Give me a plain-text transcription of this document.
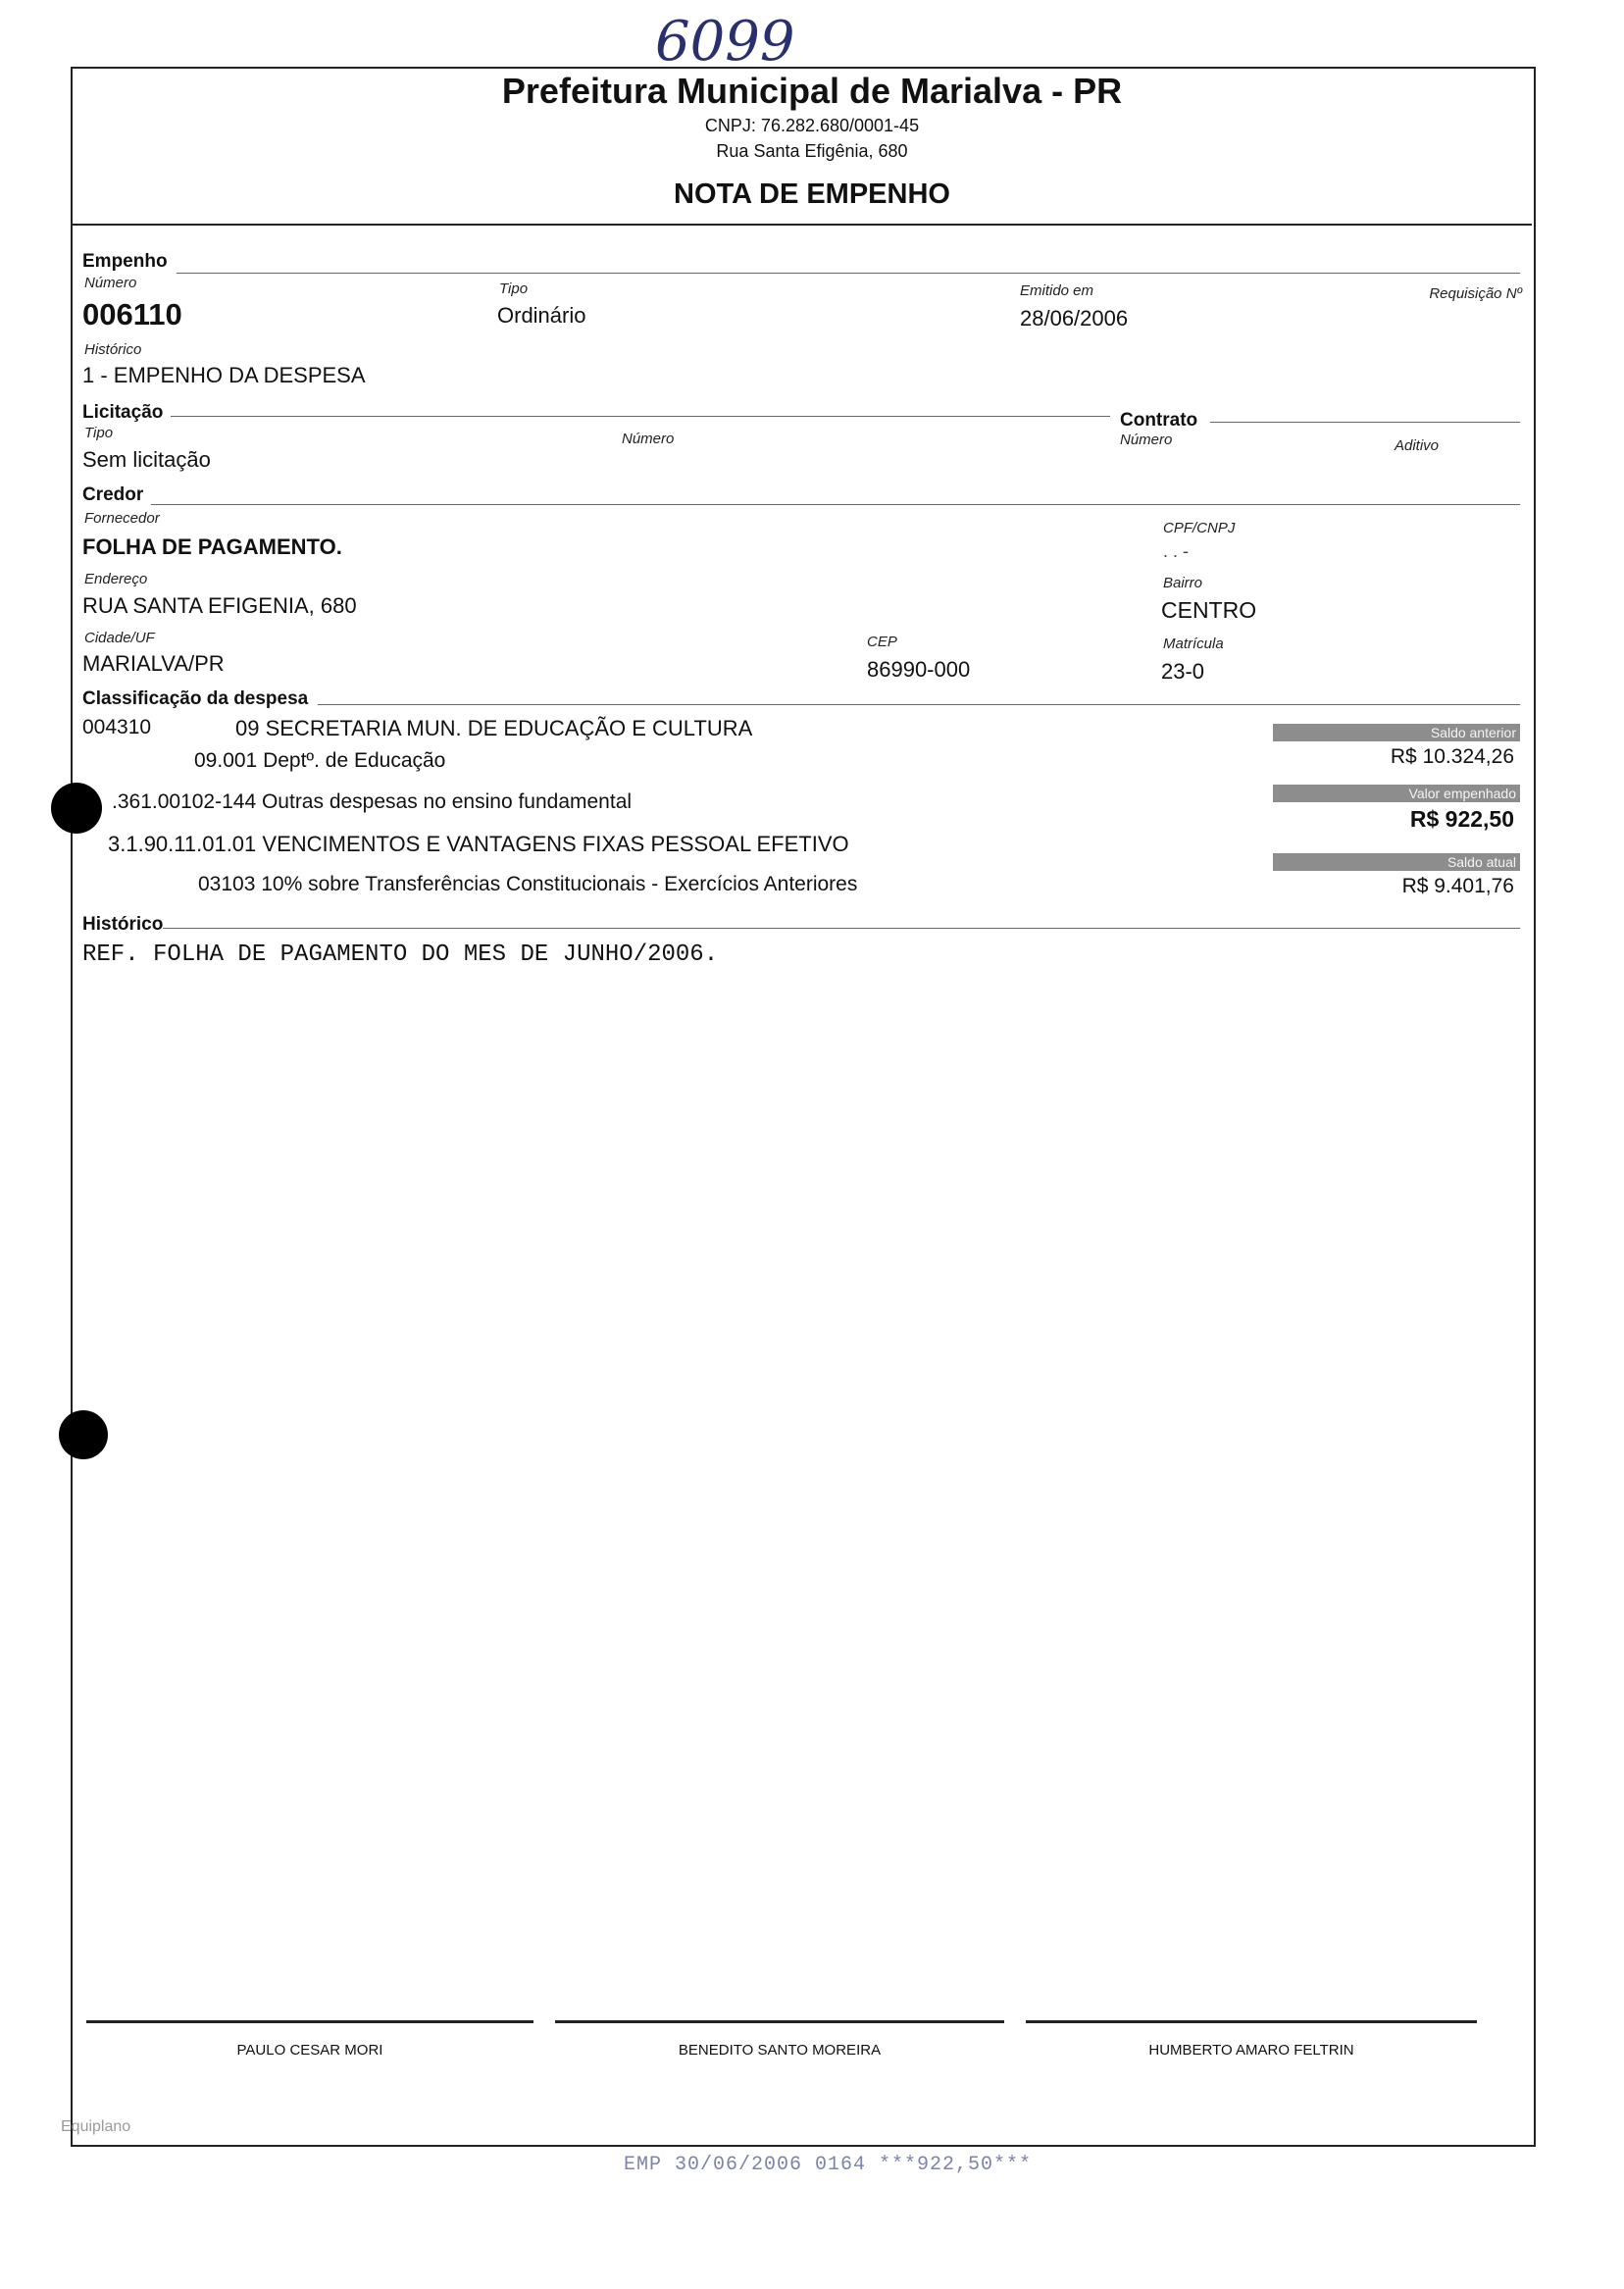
6099
Prefeitura Municipal de Marialva - PR
CNPJ: 76.282.680/0001-45
Rua Santa Efigênia, 680
NOTA DE EMPENHO
Empenho
Número
006110
Tipo
Ordinário
Emitido em
28/06/2006
Requisição Nº
Histórico
1 - EMPENHO DA DESPESA
Licitação
Tipo
Sem licitação
Número
Contrato
Número	Aditivo
Credor
Fornecedor
FOLHA DE PAGAMENTO.
CPF/CNPJ
. . -
Endereço
RUA SANTA EFIGENIA, 680
Bairro
CENTRO
Cidade/UF
MARIALVA/PR
CEP
86990-000
Matrícula
23-0
Classificação da despesa
004310	09 SECRETARIA MUN. DE EDUCAÇÃO E CULTURA
09.001 Deptº. de Educação
.361.00102-144 Outras despesas no ensino fundamental
3.1.90.11.01.01 VENCIMENTOS E VANTAGENS FIXAS PESSOAL EFETIVO
03103 10% sobre Transferências Constitucionais - Exercícios Anteriores
Saldo anterior
R$ 10.324,26
Valor empenhado
R$ 922,50
Saldo atual
R$ 9.401,76
Histórico
REF. FOLHA DE PAGAMENTO DO MES DE JUNHO/2006.
PAULO CESAR MORI	BENEDITO SANTO MOREIRA	HUMBERTO AMARO FELTRIN
Equiplano
EMP 30/06/2006 0164 ***922,50***
